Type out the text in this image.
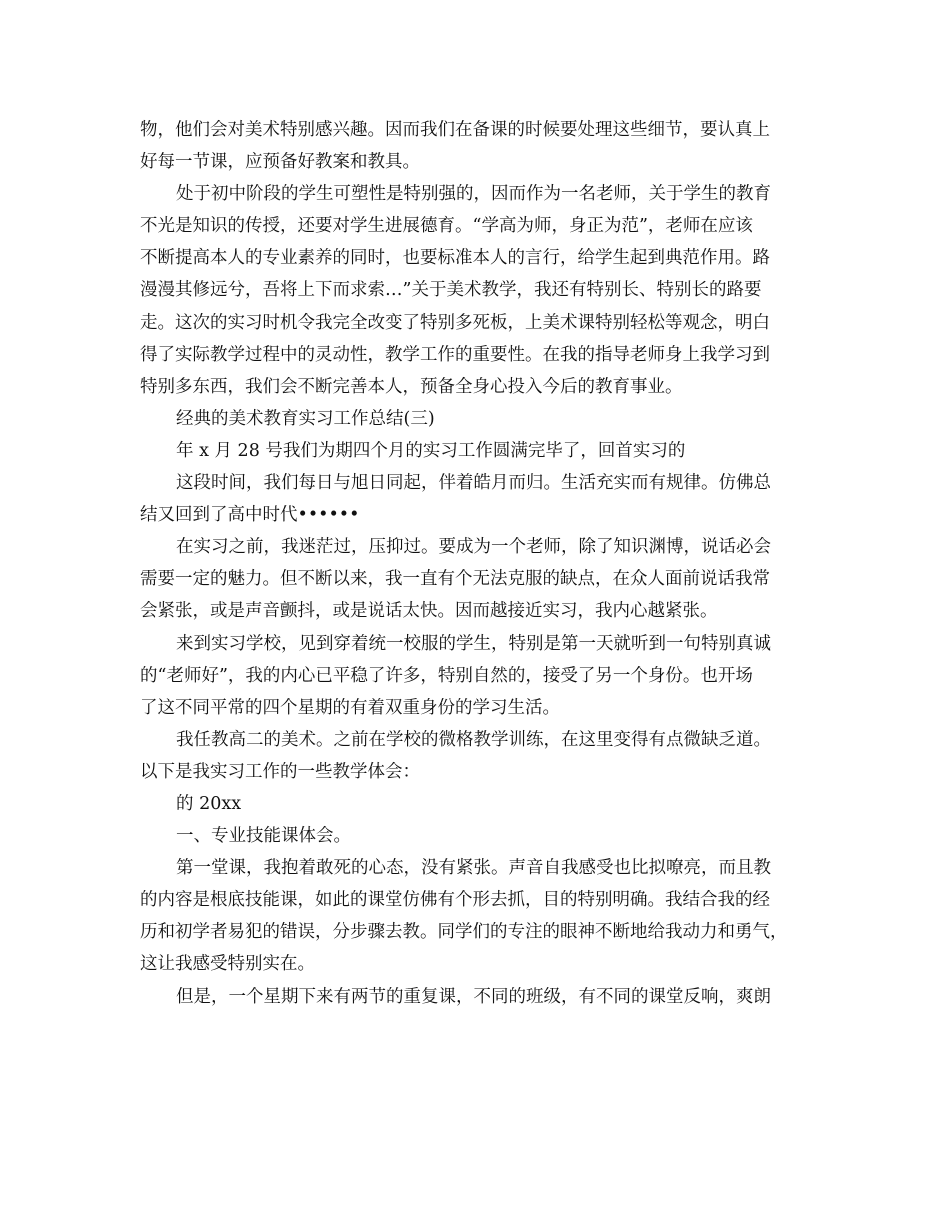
物，他们会对美术特别感兴趣。因而我们在备课的时候要处理这些细节，要认真上
好每一节课，应预备好教案和教具。
处于初中阶段的学生可塑性是特别强的，因而作为一名老师，关于学生的教育
不光是知识的传授，还要对学生进展德育。“学高为师，身正为范”，老师在应该
不断提高本人的专业素养的同时，也要标准本人的言行，给学生起到典范作用。路
漫漫其修远兮，吾将上下而求索…”关于美术教学，我还有特别长、特别长的路要
走。这次的实习时机令我完全改变了特别多死板，上美术课特别轻松等观念，明白
得了实际教学过程中的灵动性，教学工作的重要性。在我的指导老师身上我学习到
特别多东西，我们会不断完善本人，预备全身心投入今后的教育事业。
经典的美术教育实习工作总结(三)
年 x 月 28 号我们为期四个月的实习工作圆满完毕了，回首实习的
这段时间，我们每日与旭日同起，伴着皓月而归。生活充实而有规律。仿佛总
结又回到了高中时代••••••
在实习之前，我迷茫过，压抑过。要成为一个老师，除了知识渊博，说话必会
需要一定的魅力。但不断以来，我一直有个无法克服的缺点，在众人面前说话我常
会紧张，或是声音颤抖，或是说话太快。因而越接近实习，我内心越紧张。
来到实习学校，见到穿着统一校服的学生，特别是第一天就听到一句特别真诚
的“老师好”，我的内心已平稳了许多，特别自然的，接受了另一个身份。也开场
了这不同平常的四个星期的有着双重身份的学习生活。
我任教高二的美术。之前在学校的微格教学训练，在这里变得有点微缺乏道。
以下是我实习工作的一些教学体会：
的 20xx
一、专业技能课体会。
第一堂课，我抱着敢死的心态，没有紧张。声音自我感受也比拟嘹亮，而且教
的内容是根底技能课，如此的课堂仿佛有个形去抓，目的特别明确。我结合我的经
历和初学者易犯的错误，分步骤去教。同学们的专注的眼神不断地给我动力和勇气，
这让我感受特别实在。
但是，一个星期下来有两节的重复课，不同的班级，有不同的课堂反响，爽朗
